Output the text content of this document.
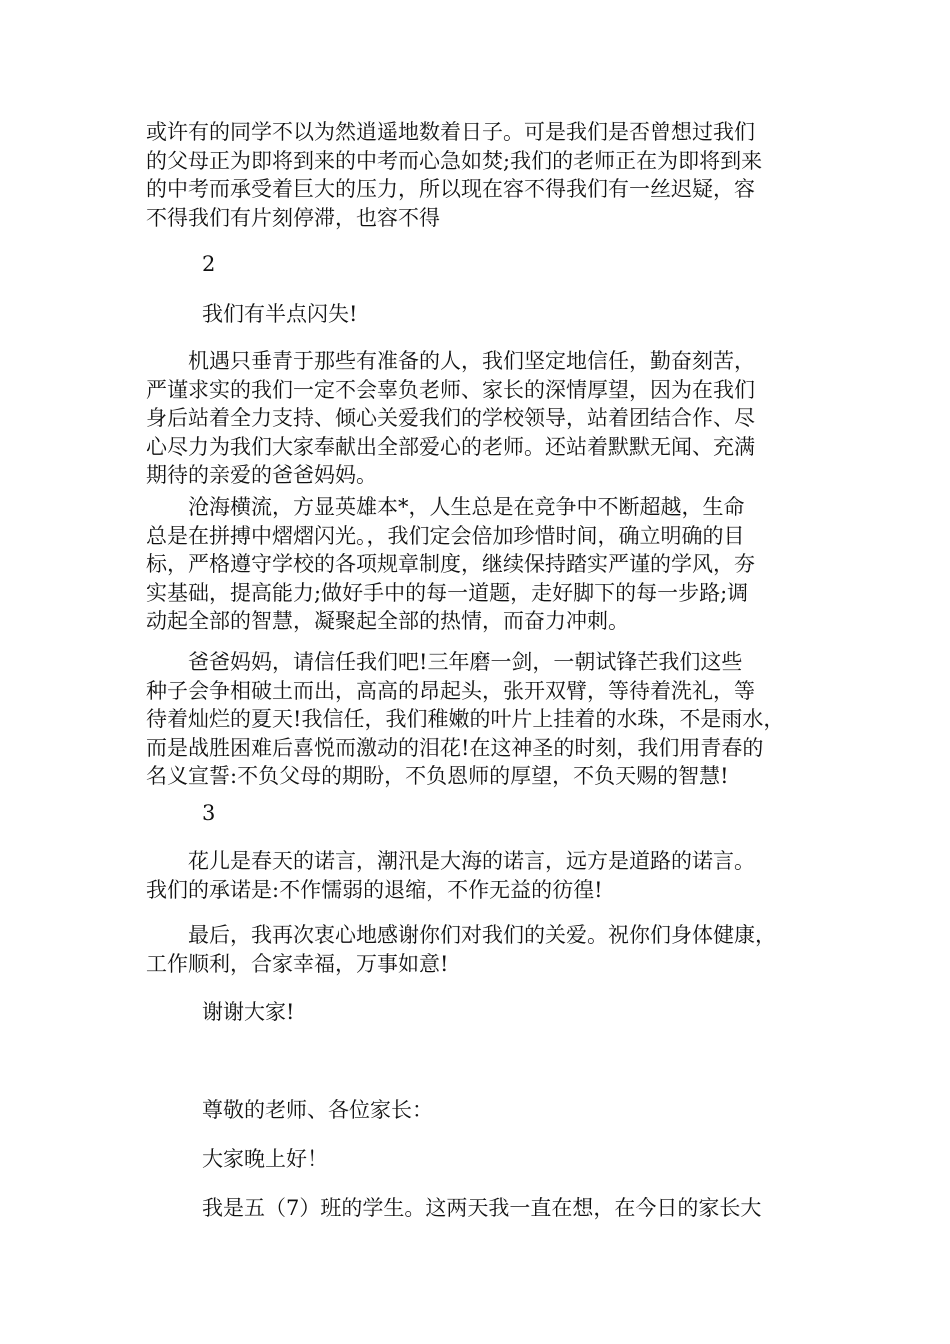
或许有的同学不以为然逍遥地数着日子。可是我们是否曾想过我们
的父母正为即将到来的中考而心急如焚;我们的老师正在为即将到来
的中考而承受着巨大的压力，所以现在容不得我们有一丝迟疑，容
不得我们有片刻停滞，也容不得

2

我们有半点闪失!

　　机遇只垂青于那些有准备的人，我们坚定地信任，勤奋刻苦，
严谨求实的我们一定不会辜负老师、家长的深情厚望，因为在我们
身后站着全力支持、倾心关爱我们的学校领导，站着团结合作、尽
心尽力为我们大家奉献出全部爱心的老师。还站着默默无闻、充满
期待的亲爱的爸爸妈妈。

　　沧海横流，方显英雄本*，人生总是在竞争中不断超越，生命
总是在拼搏中熠熠闪光。，我们定会倍加珍惜时间，确立明确的目
标，严格遵守学校的各项规章制度，继续保持踏实严谨的学风，夯
实基础，提高能力;做好手中的每一道题，走好脚下的每一步路;调
动起全部的智慧，凝聚起全部的热情，而奋力冲刺。

　　爸爸妈妈，请信任我们吧!三年磨一剑，一朝试锋芒我们这些
种子会争相破土而出，高高的昂起头，张开双臂，等待着洗礼，等
待着灿烂的夏天!我信任，我们稚嫩的叶片上挂着的水珠，不是雨水，
而是战胜困难后喜悦而激动的泪花!在这神圣的时刻，我们用青春的
名义宣誓:不负父母的期盼，不负恩师的厚望，不负天赐的智慧!

3

　　花儿是春天的诺言，潮汛是大海的诺言，远方是道路的诺言。
我们的承诺是:不作懦弱的退缩，不作无益的彷徨!

　　最后，我再次衷心地感谢你们对我们的关爱。祝你们身体健康，
工作顺利，合家幸福，万事如意!

谢谢大家!

尊敬的老师、各位家长：

大家晚上好！

我是五（7）班的学生。这两天我一直在想，在今日的家长大
